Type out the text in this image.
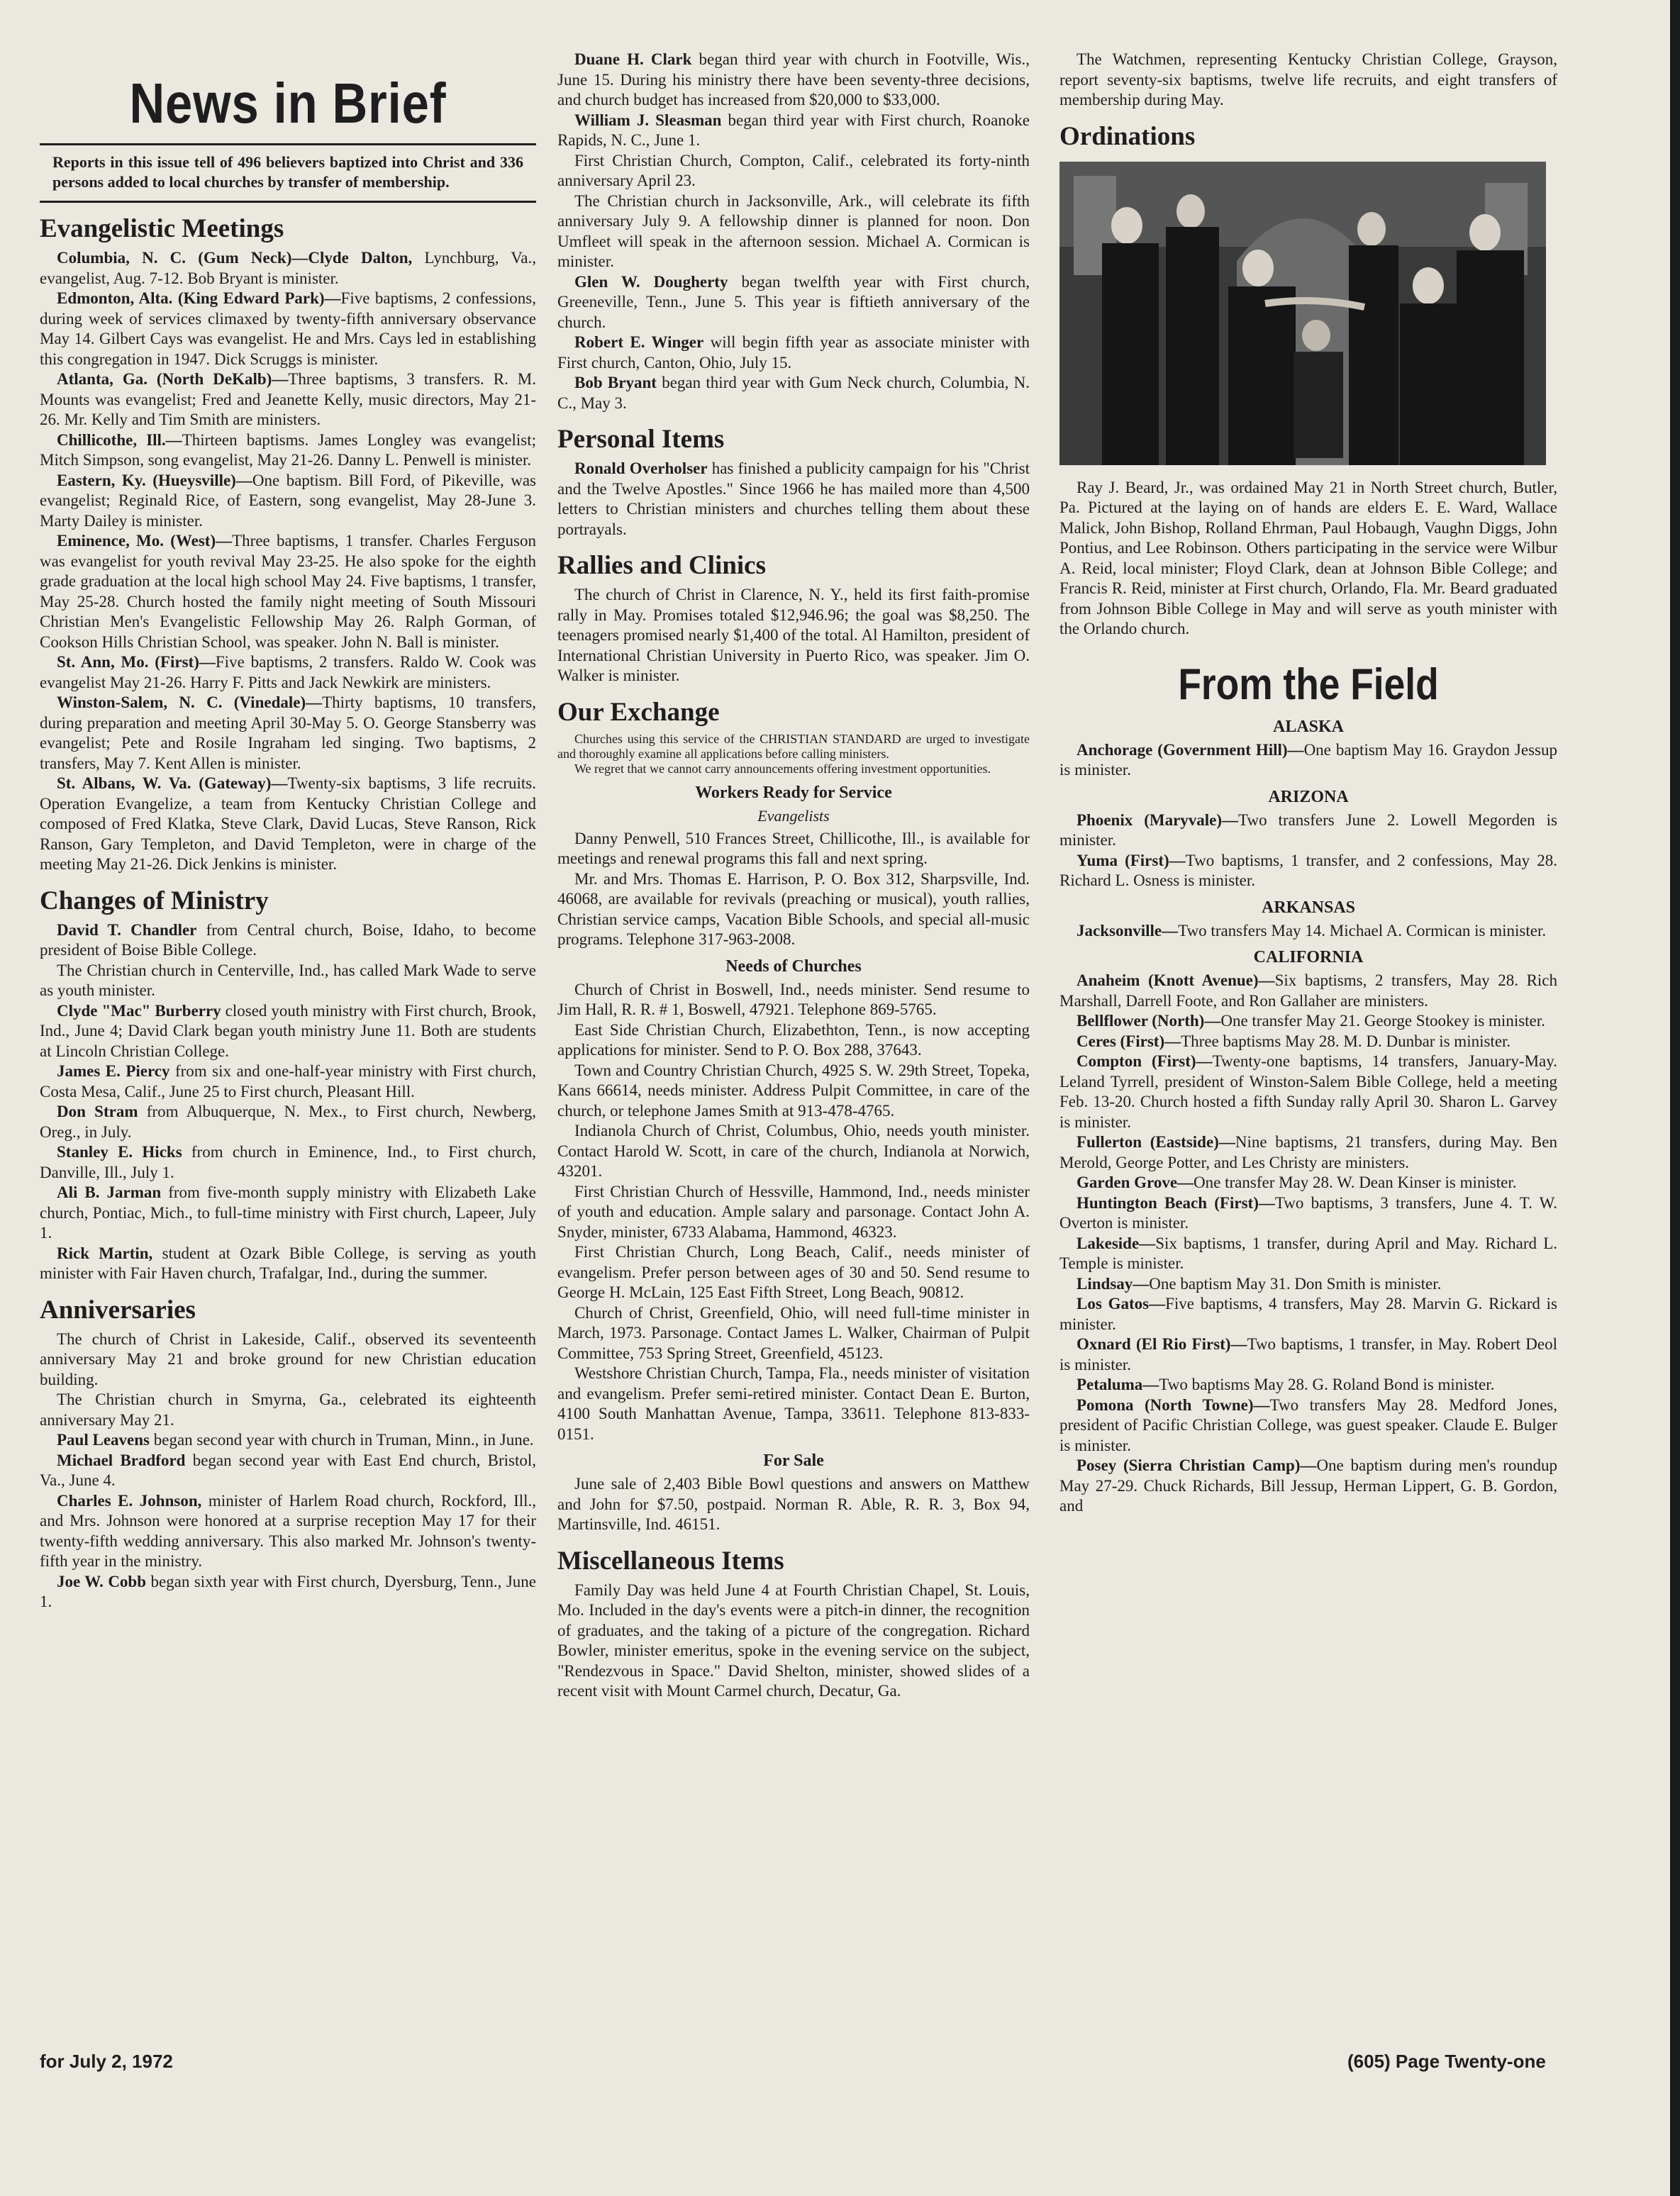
News in Brief

Reports in this issue tell of 496 believers baptized into Christ and 336 persons added to local churches by transfer of membership.

Evangelistic Meetings

Columbia, N. C. (Gum Neck)—Clyde Dalton, Lynchburg, Va., evangelist, Aug. 7-12. Bob Bryant is minister.

Edmonton, Alta. (King Edward Park)—Five baptisms, 2 confessions, during week of services climaxed by twenty-fifth anniversary observance May 14. Gilbert Cays was evangelist. He and Mrs. Cays led in establishing this congregation in 1947. Dick Scruggs is minister.

Atlanta, Ga. (North DeKalb)—Three baptisms, 3 transfers. R. M. Mounts was evangelist; Fred and Jeanette Kelly, music directors, May 21-26. Mr. Kelly and Tim Smith are ministers.

Chillicothe, Ill.—Thirteen baptisms. James Longley was evangelist; Mitch Simpson, song evangelist, May 21-26. Danny L. Penwell is minister.

Eastern, Ky. (Hueysville)—One baptism. Bill Ford, of Pikeville, was evangelist; Reginald Rice, of Eastern, song evangelist, May 28-June 3. Marty Dailey is minister.

Eminence, Mo. (West)—Three baptisms, 1 transfer. Charles Ferguson was evangelist for youth revival May 23-25. He also spoke for the eighth grade graduation at the local high school May 24. Five baptisms, 1 transfer, May 25-28. Church hosted the family night meeting of South Missouri Christian Men's Evangelistic Fellowship May 26. Ralph Gorman, of Cookson Hills Christian School, was speaker. John N. Ball is minister.

St. Ann, Mo. (First)—Five baptisms, 2 transfers. Raldo W. Cook was evangelist May 21-26. Harry F. Pitts and Jack Newkirk are ministers.

Winston-Salem, N. C. (Vinedale)—Thirty baptisms, 10 transfers, during preparation and meeting April 30-May 5. O. George Stansberry was evangelist; Pete and Rosile Ingraham led singing. Two baptisms, 2 transfers, May 7. Kent Allen is minister.

St. Albans, W. Va. (Gateway)—Twenty-six baptisms, 3 life recruits. Operation Evangelize, a team from Kentucky Christian College and composed of Fred Klatka, Steve Clark, David Lucas, Steve Ranson, Rick Ranson, Gary Templeton, and David Templeton, were in charge of the meeting May 21-26. Dick Jenkins is minister.

Changes of Ministry

David T. Chandler from Central church, Boise, Idaho, to become president of Boise Bible College.

The Christian church in Centerville, Ind., has called Mark Wade to serve as youth minister.

Clyde "Mac" Burberry closed youth ministry with First church, Brook, Ind., June 4; David Clark began youth ministry June 11. Both are students at Lincoln Christian College.

James E. Piercy from six and one-half-year ministry with First church, Costa Mesa, Calif., June 25 to First church, Pleasant Hill.

Don Stram from Albuquerque, N. Mex., to First church, Newberg, Oreg., in July.

Stanley E. Hicks from church in Eminence, Ind., to First church, Danville, Ill., July 1.

Ali B. Jarman from five-month supply ministry with Elizabeth Lake church, Pontiac, Mich., to full-time ministry with First church, Lapeer, July 1.

Rick Martin, student at Ozark Bible College, is serving as youth minister with Fair Haven church, Trafalgar, Ind., during the summer.

Anniversaries

The church of Christ in Lakeside, Calif., observed its seventeenth anniversary May 21 and broke ground for new Christian education building.

The Christian church in Smyrna, Ga., celebrated its eighteenth anniversary May 21.

Paul Leavens began second year with church in Truman, Minn., in June.

Michael Bradford began second year with East End church, Bristol, Va., June 4.

Charles E. Johnson, minister of Harlem Road church, Rockford, Ill., and Mrs. Johnson were honored at a surprise reception May 17 for their twenty-fifth wedding anniversary. This also marked Mr. Johnson's twenty-fifth year in the ministry.

Joe W. Cobb began sixth year with First church, Dyersburg, Tenn., June 1.

Duane H. Clark began third year with church in Footville, Wis., June 15. During his ministry there have been seventy-three decisions, and church budget has increased from $20,000 to $33,000.

William J. Sleasman began third year with First church, Roanoke Rapids, N. C., June 1.

First Christian Church, Compton, Calif., celebrated its forty-ninth anniversary April 23.

The Christian church in Jacksonville, Ark., will celebrate its fifth anniversary July 9. A fellowship dinner is planned for noon. Don Umfleet will speak in the afternoon session. Michael A. Cormican is minister.

Glen W. Dougherty began twelfth year with First church, Greeneville, Tenn., June 5. This year is fiftieth anniversary of the church.

Robert E. Winger will begin fifth year as associate minister with First church, Canton, Ohio, July 15.

Bob Bryant began third year with Gum Neck church, Columbia, N. C., May 3.

Personal Items

Ronald Overholser has finished a publicity campaign for his "Christ and the Twelve Apostles." Since 1966 he has mailed more than 4,500 letters to Christian ministers and churches telling them about these portrayals.

Rallies and Clinics

The church of Christ in Clarence, N. Y., held its first faith-promise rally in May. Promises totaled $12,946.96; the goal was $8,250. The teenagers promised nearly $1,400 of the total. Al Hamilton, president of International Christian University in Puerto Rico, was speaker. Jim O. Walker is minister.

Our Exchange

Churches using this service of the CHRISTIAN STANDARD are urged to investigate and thoroughly examine all applications before calling ministers.

We regret that we cannot carry announcements offering investment opportunities.

Workers Ready for Service
Evangelists

Danny Penwell, 510 Frances Street, Chillicothe, Ill., is available for meetings and renewal programs this fall and next spring.

Mr. and Mrs. Thomas E. Harrison, P. O. Box 312, Sharpsville, Ind. 46068, are available for revivals (preaching or musical), youth rallies, Christian service camps, Vacation Bible Schools, and special all-music programs. Telephone 317-963-2008.

Needs of Churches

Church of Christ in Boswell, Ind., needs minister. Send resume to Jim Hall, R. R. # 1, Boswell, 47921. Telephone 869-5765.

East Side Christian Church, Elizabethton, Tenn., is now accepting applications for minister. Send to P. O. Box 288, 37643.

Town and Country Christian Church, 4925 S. W. 29th Street, Topeka, Kans 66614, needs minister. Address Pulpit Committee, in care of the church, or telephone James Smith at 913-478-4765.

Indianola Church of Christ, Columbus, Ohio, needs youth minister. Contact Harold W. Scott, in care of the church, Indianola at Norwich, 43201.

First Christian Church of Hessville, Hammond, Ind., needs minister of youth and education. Ample salary and parsonage. Contact John A. Snyder, minister, 6733 Alabama, Hammond, 46323.

First Christian Church, Long Beach, Calif., needs minister of evangelism. Prefer person between ages of 30 and 50. Send resume to George H. McLain, 125 East Fifth Street, Long Beach, 90812.

Church of Christ, Greenfield, Ohio, will need full-time minister in March, 1973. Parsonage. Contact James L. Walker, Chairman of Pulpit Committee, 753 Spring Street, Greenfield, 45123.

Westshore Christian Church, Tampa, Fla., needs minister of visitation and evangelism. Prefer semi-retired minister. Contact Dean E. Burton, 4100 South Manhattan Avenue, Tampa, 33611. Telephone 813-833-0151.

For Sale

June sale of 2,403 Bible Bowl questions and answers on Matthew and John for $7.50, postpaid. Norman R. Able, R. R. 3, Box 94, Martinsville, Ind. 46151.

Miscellaneous Items

Family Day was held June 4 at Fourth Christian Chapel, St. Louis, Mo. Included in the day's events were a pitch-in dinner, the recognition of graduates, and the taking of a picture of the congregation. Richard Bowler, minister emeritus, spoke in the evening service on the subject, "Rendezvous in Space." David Shelton, minister, showed slides of a recent visit with Mount Carmel church, Decatur, Ga.

The Watchmen, representing Kentucky Christian College, Grayson, report seventy-six baptisms, twelve life recruits, and eight transfers of membership during May.

Ordinations

Ray J. Beard, Jr., was ordained May 21 in North Street church, Butler, Pa. Pictured at the laying on of hands are elders E. E. Ward, Wallace Malick, John Bishop, Rolland Ehrman, Paul Hobaugh, Vaughn Diggs, John Pontius, and Lee Robinson. Others participating in the service were Wilbur A. Reid, local minister; Floyd Clark, dean at Johnson Bible College; and Francis R. Reid, minister at First church, Orlando, Fla. Mr. Beard graduated from Johnson Bible College in May and will serve as youth minister with the Orlando church.

From the Field
ALASKA

Anchorage (Government Hill)—One baptism May 16. Graydon Jessup is minister.

ARIZONA

Phoenix (Maryvale)—Two transfers June 2. Lowell Megorden is minister.

Yuma (First)—Two baptisms, 1 transfer, and 2 confessions, May 28. Richard L. Osness is minister.

ARKANSAS

Jacksonville—Two transfers May 14. Michael A. Cormican is minister.

CALIFORNIA

Anaheim (Knott Avenue)—Six baptisms, 2 transfers, May 28. Rich Marshall, Darrell Foote, and Ron Gallaher are ministers.

Bellflower (North)—One transfer May 21. George Stookey is minister.

Ceres (First)—Three baptisms May 28. M. D. Dunbar is minister.

Compton (First)—Twenty-one baptisms, 14 transfers, January-May. Leland Tyrrell, president of Winston-Salem Bible College, held a meeting Feb. 13-20. Church hosted a fifth Sunday rally April 30. Sharon L. Garvey is minister.

Fullerton (Eastside)—Nine baptisms, 21 transfers, during May. Ben Merold, George Potter, and Les Christy are ministers.

Garden Grove—One transfer May 28. W. Dean Kinser is minister.

Huntington Beach (First)—Two baptisms, 3 transfers, June 4. T. W. Overton is minister.

Lakeside—Six baptisms, 1 transfer, during April and May. Richard L. Temple is minister.

Lindsay—One baptism May 31. Don Smith is minister.

Los Gatos—Five baptisms, 4 transfers, May 28. Marvin G. Rickard is minister.

Oxnard (El Rio First)—Two baptisms, 1 transfer, in May. Robert Deol is minister.

Petaluma—Two baptisms May 28. G. Roland Bond is minister.

Pomona (North Towne)—Two transfers May 28. Medford Jones, president of Pacific Christian College, was guest speaker. Claude E. Bulger is minister.

Posey (Sierra Christian Camp)—One baptism during men's roundup May 27-29. Chuck Richards, Bill Jessup, Herman Lippert, G. B. Gordon, and

for July 2, 1972	(605) Page Twenty-one
